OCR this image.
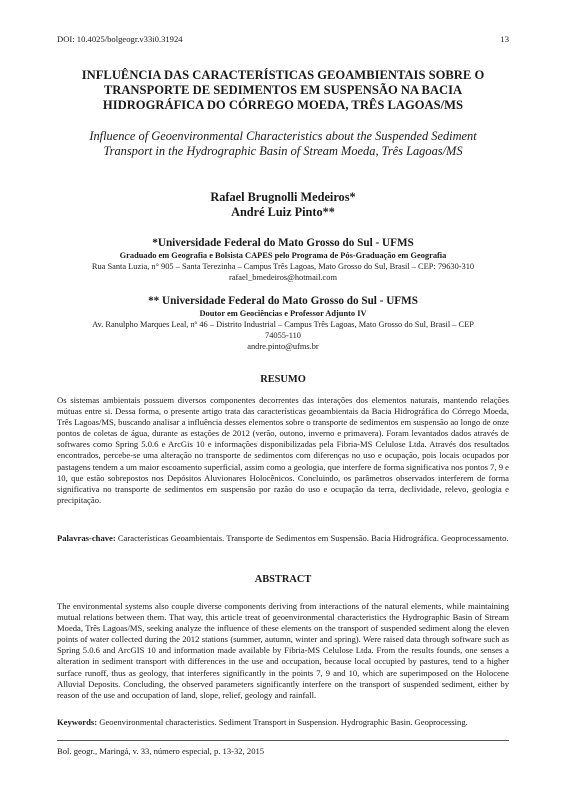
DOI: 10.4025/bolgeogr.v33i0.31924	13
INFLUÊNCIA DAS CARACTERÍSTICAS GEOAMBIENTAIS SOBRE O
TRANSPORTE DE SEDIMENTOS EM SUSPENSÃO NA BACIA
HIDROGRÁFICA DO CÓRREGO MOEDA, TRÊS LAGOAS/MS
Influence of Geoenvironmental Characteristics about the Suspended Sediment
Transport in the Hydrographic Basin of Stream Moeda, Três Lagoas/MS
Rafael Brugnolli Medeiros*
André Luiz Pinto**
*Universidade Federal do Mato Grosso do Sul - UFMS
Graduado em Geografia e Bolsista CAPES pelo Programa de Pós-Graduação em Geografia
Rua Santa Luzia, n° 905 – Santa Terezinha – Campus Três Lagoas, Mato Grosso do Sul, Brasil – CEP: 79630-310
rafael_bmedeiros@hotmail.com
** Universidade Federal do Mato Grosso do Sul - UFMS
Doutor em Geociências e Professor Adjunto IV
Av. Ranulpho Marques Leal, nº 46 – Distrito Industrial – Campus Três Lagoas, Mato Grosso do Sul, Brasil – CEP
74055-110
andre.pinto@ufms.br
RESUMO
Os sistemas ambientais possuem diversos componentes decorrentes das interações dos elementos naturais, mantendo relações mútuas entre si. Dessa forma, o presente artigo trata das características geoambientais da Bacia Hidrográfica do Córrego Moeda, Três Lagoas/MS, buscando analisar a influência desses elementos sobre o transporte de sedimentos em suspensão ao longo de onze pontos de coletas de água, durante as estações de 2012 (verão, outono, inverno e primavera). Foram levantados dados através de softwares como Spring 5.0.6 e ArcGis 10 e informações disponibilizadas pela Fibria-MS Celulose Ltda. Através dos resultados encontrados, percebe-se uma alteração no transporte de sedimentos com diferenças no uso e ocupação, pois locais ocupados por pastagens tendem a um maior escoamento superficial, assim como a geologia, que interfere de forma significativa nos pontos 7, 9 e 10, que estão sobrepostos nos Depósitos Aluvionares Holocênicos. Concluindo, os parâmetros observados interferem de forma significativa no transporte de sedimentos em suspensão por razão do uso e ocupação da terra, declividade, relevo, geologia e precipitação.
Palavras-chave: Características Geoambientais. Transporte de Sedimentos em Suspensão. Bacia Hidrográfica. Geoprocessamento.
ABSTRACT
The environmental systems also couple diverse components deriving from interactions of the natural elements, while maintaining mutual relations between them. That way, this article treat of geoenvironmental characteristics the Hydrographic Basin of Stream Moeda, Três Lagoas/MS, seeking analyze the influence of these elements on the transport of suspended sediment along the eleven points of water collected during the 2012 stations (summer, autumn, winter and spring). Were raised data through software such as Spring 5.0.6 and ArcGIS 10 and information made available by Fibria-MS Celulose Ltda. From the results founds, one senses a alteration in sediment transport with differences in the use and occupation, because local occupied by pastures, tend to a higher surface runoff, thus as geology, that interferes significantly in the points 7, 9 and 10, which are superimposed on the Holocene Alluvial Deposits. Concluding, the observed parameters significantly interfere on the transport of suspended sediment, either by reason of the use and occupation of land, slope, relief, geology and rainfall.
Keywords: Geoenvironmental characteristics. Sediment Transport in Suspension. Hydrographic Basin. Geoprocessing.
Bol. geogr., Maringá, v. 33, número especial, p. 13-32, 2015
